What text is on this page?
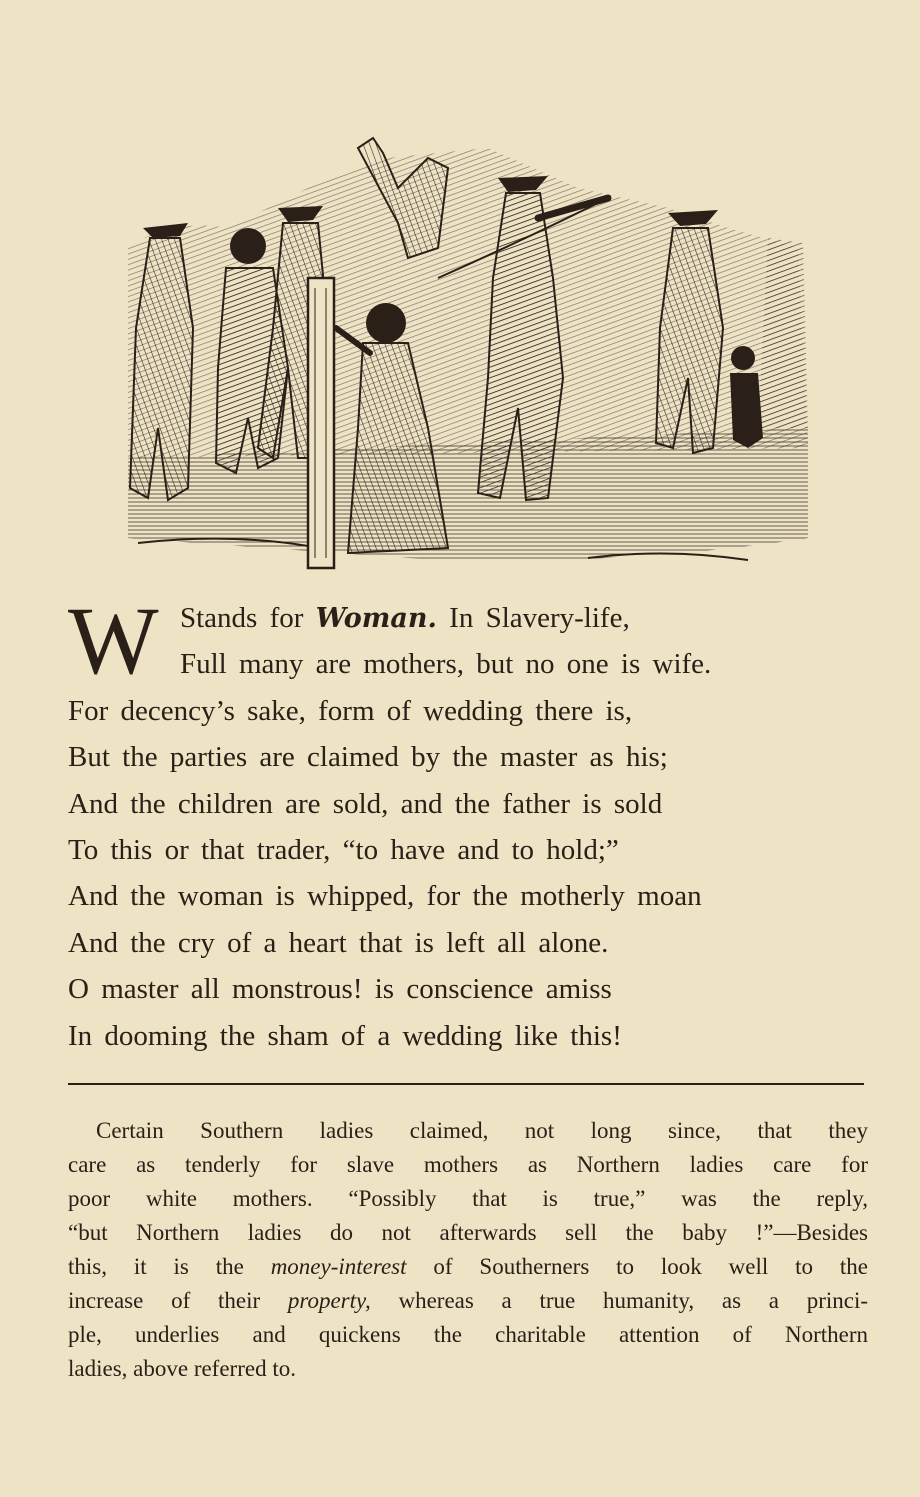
W Stands for Woman. In Slavery-life,
Full many are mothers, but no one is wife.
For decency’s sake, form of wedding there is,
But the parties are claimed by the master as his;
And the children are sold, and the father is sold
To this or that trader, “to have and to hold;”
And the woman is whipped, for the motherly moan
And the cry of a heart that is left all alone.
O master all monstrous! is conscience amiss
In dooming the sham of a wedding like this!
Certain Southern ladies claimed, not long since, that they
care as tenderly for slave mothers as Northern ladies care for
poor white mothers. “Possibly that is true,” was the reply,
“but Northern ladies do not afterwards sell the baby !”—Besides
this, it is the money-interest of Southerners to look well to the
increase of their property, whereas a true humanity, as a princi-
ple, underlies and quickens the charitable attention of Northern
ladies, above referred to.
